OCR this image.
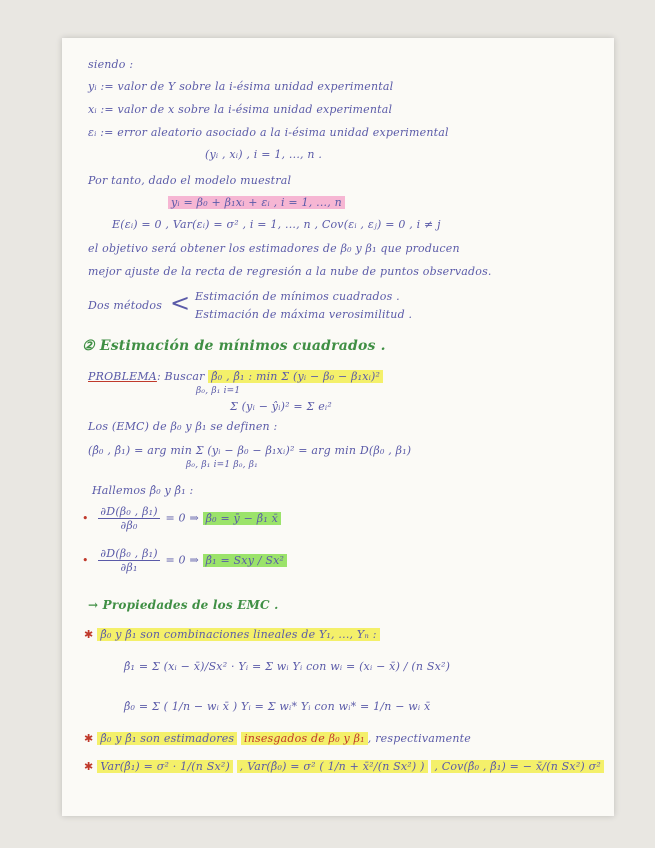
siendo :
yᵢ := valor de Y sobre la i-ésima unidad experimental
xᵢ := valor de x sobre la i-ésima unidad experimental
εᵢ := error aleatorio asociado a la i-ésima unidad experimental
(yᵢ , xᵢ) , i = 1, ..., n .
Por tanto, dado el modelo muestral
yᵢ = β₀ + β₁xᵢ + εᵢ , i = 1, ..., n
E(εᵢ) = 0 , Var(εᵢ) = σ² , i = 1, ..., n , Cov(εᵢ , εⱼ) = 0 , i ≠ j
el objetivo será obtener los estimadores de β₀ y β₁ que producen
mejor ajuste de la recta de regresión a la nube de puntos observados.
Dos métodos < Estimación de mínimos cuadrados .
Estimación de máxima verosimilitud .
② Estimación de mínimos cuadrados .
PROBLEMA: Buscar β̂₀ , β̂₁ : min Σ (yᵢ − β₀ − β₁xᵢ)²
β₀, β₁ i=1
Σ (yᵢ − ŷᵢ)² = Σ eᵢ²
Los (EMC) de β₀ y β₁ se definen :
(β̂₀ , β̂₁) = arg min Σ (yᵢ − β₀ − β₁xᵢ)² = arg min D(β₀ , β₁)
β₀, β₁ i=1 β₀, β₁
Hallemos β̂₀ y β̂₁ :
• $\frac{\text{∂D(β₀ , β₁)}}{\text{∂β₀}} = 0$ ⇒ β̂₀ = ȳ − β̂₁ x̄
• $\frac{\text{∂D(β₀ , β₁)}}{\text{∂β₁}} = 0$ ⇒ β̂₁ = Sxy / Sx²
→ Propiedades de los EMC .
✱ β̂₀ y β̂₁ son combinaciones lineales de Y₁, ..., Yₙ :
β̂₁ = Σ (xᵢ − x̄)/Sx² · Yᵢ = Σ wᵢ Yᵢ con wᵢ = (xᵢ − x̄) / (n Sx²)
β̂₀ = Σ ( 1/n − wᵢ x̄ ) Yᵢ = Σ wᵢ* Yᵢ con wᵢ* = 1/n − wᵢ x̄
✱ β̂₀ y β̂₁ son estimadores insesgados de β₀ y β₁ , respectivamente
✱ Var(β̂₁) = σ² · 1/(n Sx²) , Var(β̂₀) = σ² ( 1/n + x̄²/(n Sx²) ) , Cov(β̂₀ , β̂₁) = − x̄/(n Sx²) σ²
